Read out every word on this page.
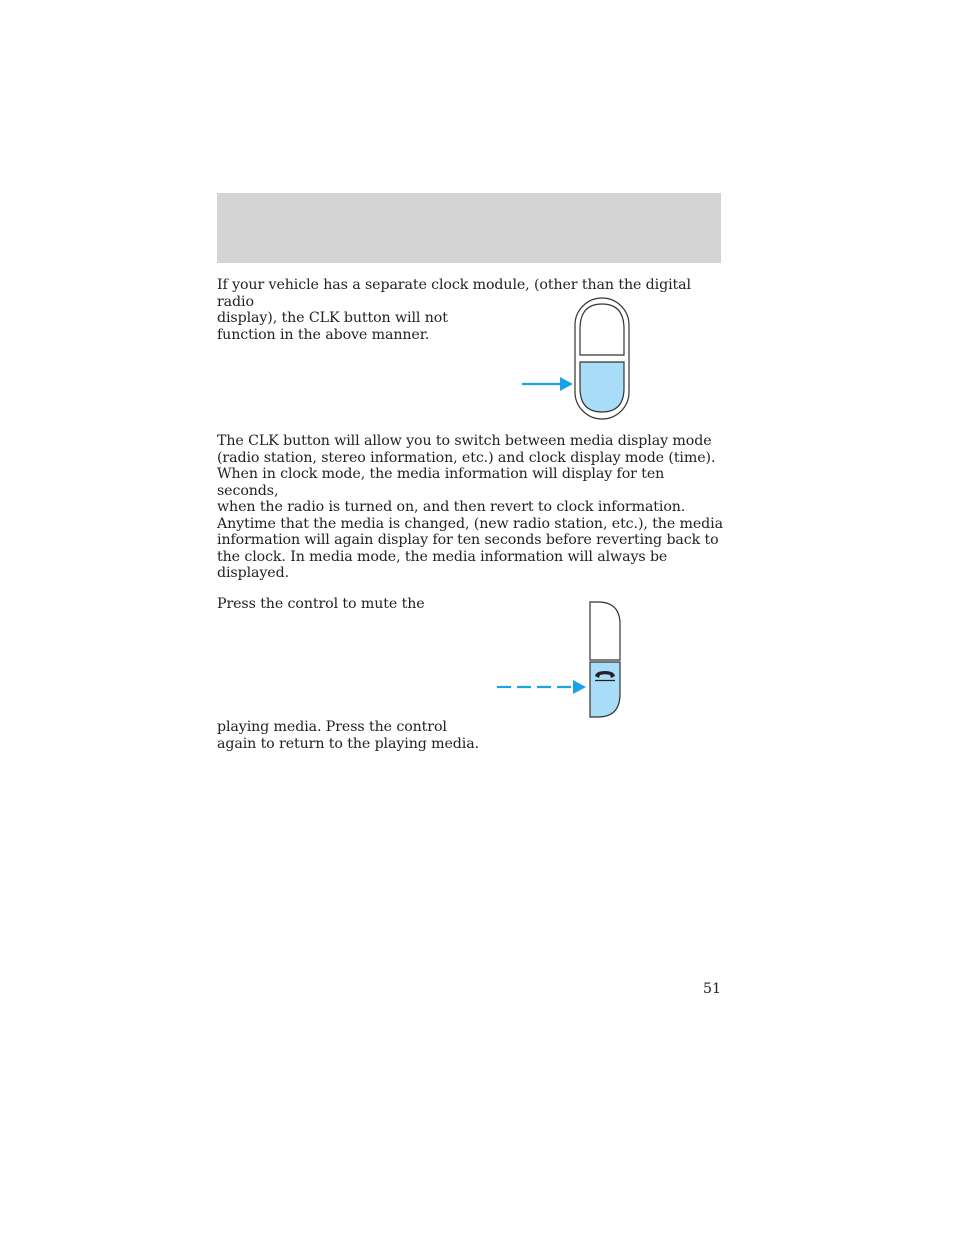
If your vehicle has a separate clock module, (other than the digital radio
display), the CLK button will not
function in the above manner.

The CLK button will allow you to switch between media display mode
(radio station, stereo information, etc.) and clock display mode (time).
When in clock mode, the media information will display for ten seconds,
when the radio is turned on, and then revert to clock information.
Anytime that the media is changed, (new radio station, etc.), the media
information will again display for ten seconds before reverting back to
the clock. In media mode, the media information will always be
displayed.

Press the control to mute the

playing media. Press the control
again to return to the playing media.

51
